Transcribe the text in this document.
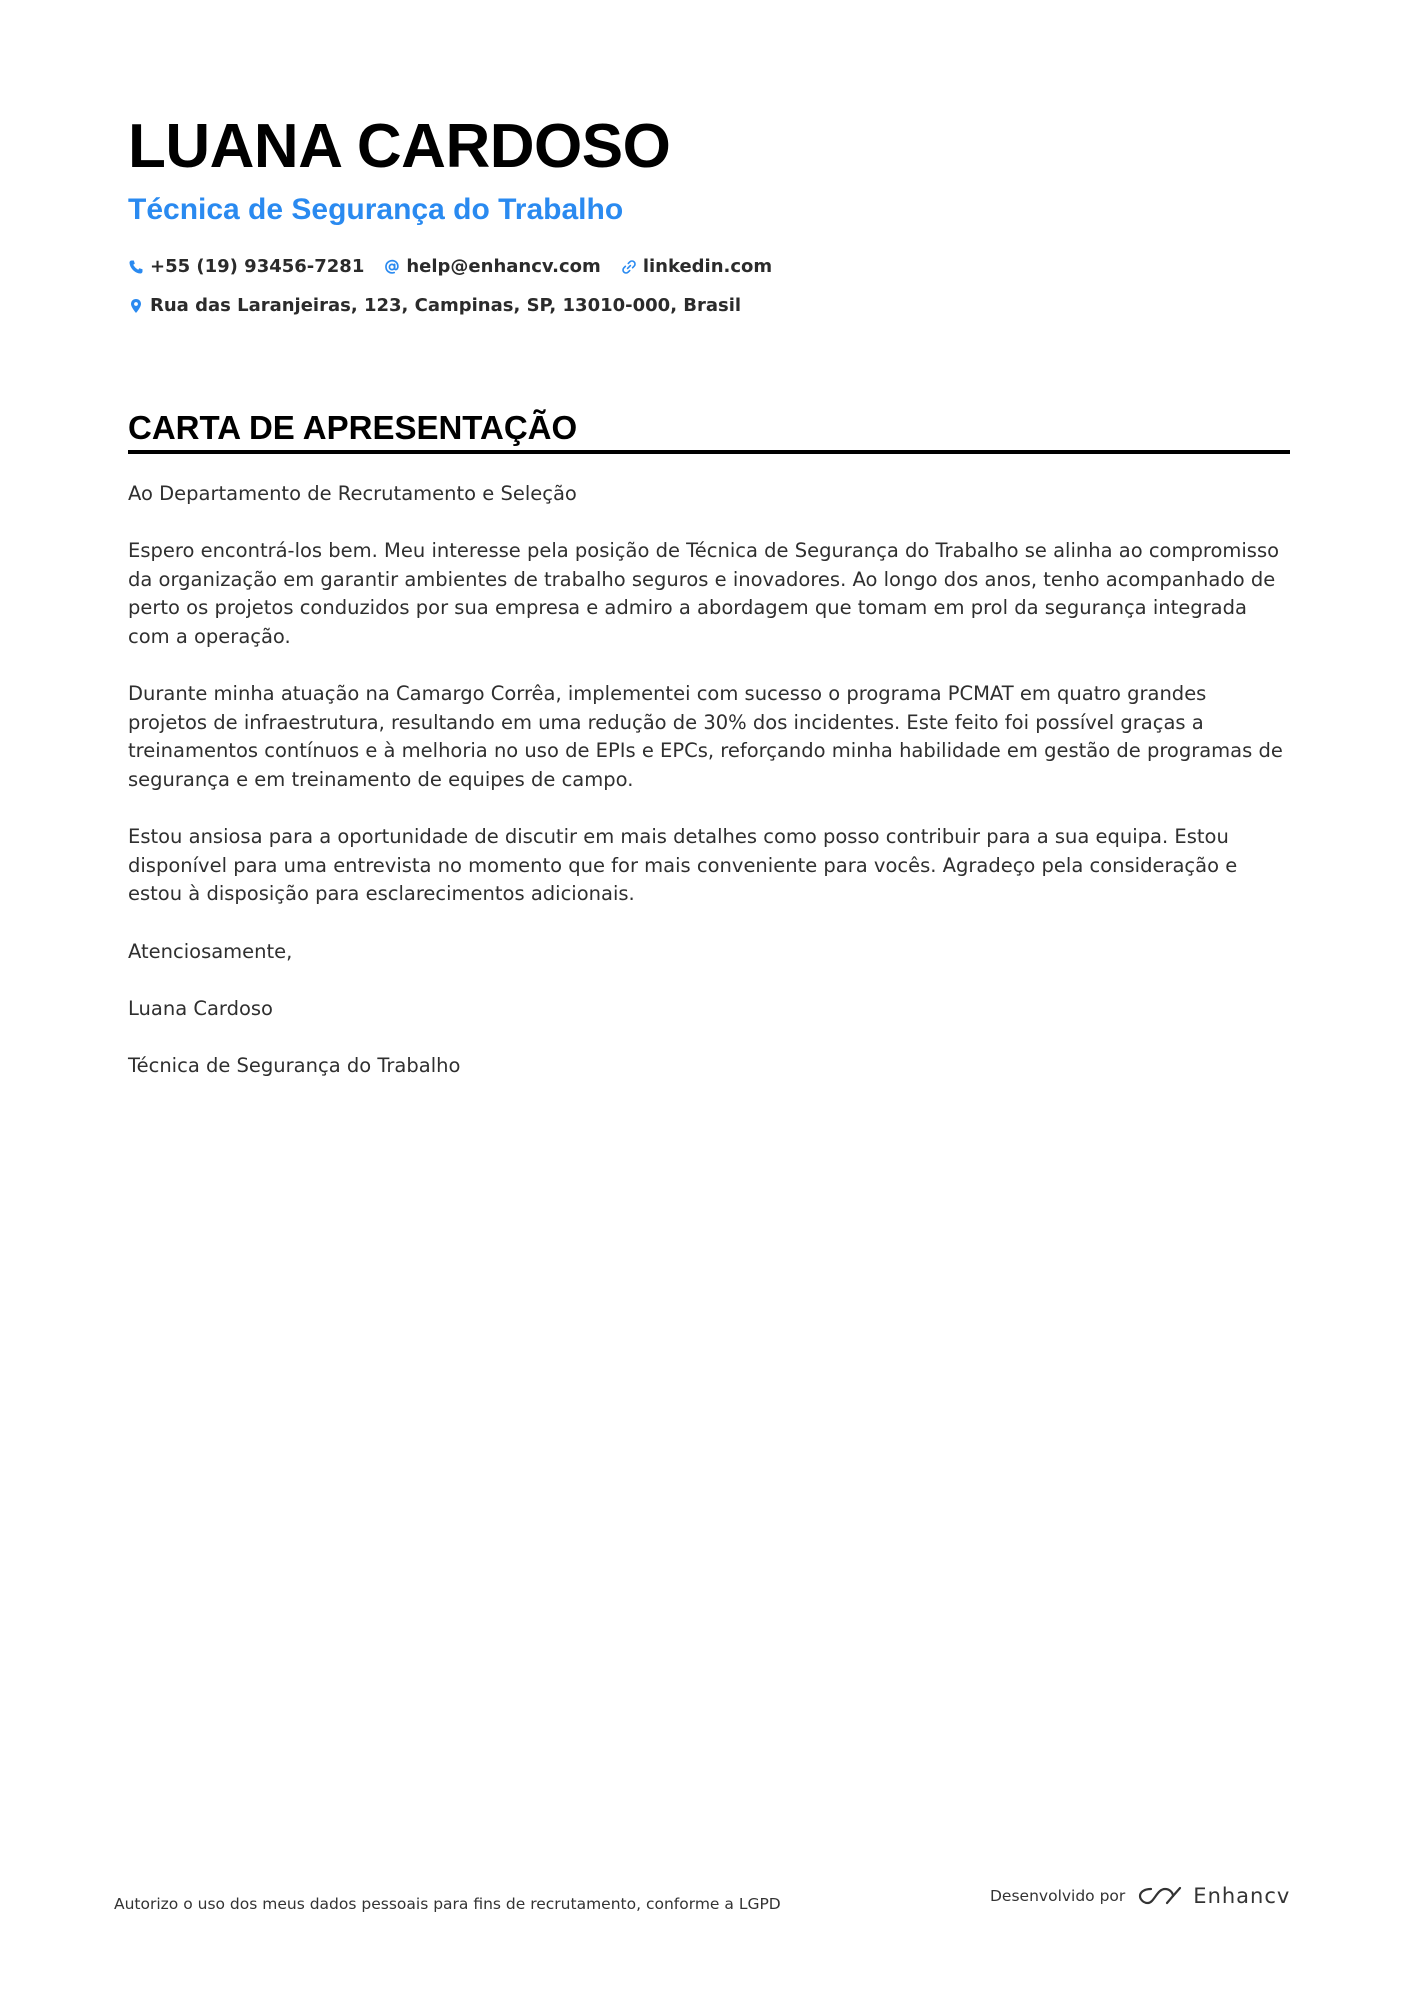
LUANA CARDOSO
Técnica de Segurança do Trabalho
+55 (19) 93456-7281 help@enhancv.com linkedin.com
Rua das Laranjeiras, 123, Campinas, SP, 13010-000, Brasil
CARTA DE APRESENTAÇÃO

Ao Departamento de Recrutamento e Seleção

Espero encontrá-los bem. Meu interesse pela posição de Técnica de Segurança do Trabalho se alinha ao compromisso da organização em garantir ambientes de trabalho seguros e inovadores. Ao longo dos anos, tenho acompanhado de perto os projetos conduzidos por sua empresa e admiro a abordagem que tomam em prol da segurança integrada com a operação.

Durante minha atuação na Camargo Corrêa, implementei com sucesso o programa PCMAT em quatro grandes projetos de infraestrutura, resultando em uma redução de 30% dos incidentes. Este feito foi possível graças a treinamentos contínuos e à melhoria no uso de EPIs e EPCs, reforçando minha habilidade em gestão de programas de segurança e em treinamento de equipes de campo.

Estou ansiosa para a oportunidade de discutir em mais detalhes como posso contribuir para a sua equipa. Estou disponível para uma entrevista no momento que for mais conveniente para vocês. Agradeço pela consideração e estou à disposição para esclarecimentos adicionais.

Atenciosamente,

Luana Cardoso

Técnica de Segurança do Trabalho

Autorizo o uso dos meus dados pessoais para fins de recrutamento, conforme a LGPD	Desenvolvido por	Enhancv
